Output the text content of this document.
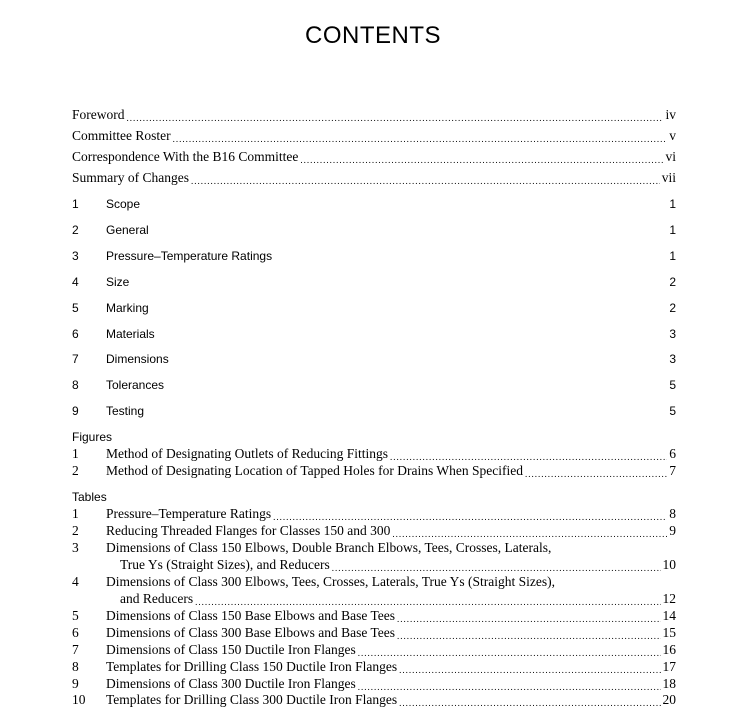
CONTENTS
Foreword .....	iv
Committee Roster .....	v
Correspondence With the B16 Committee .....	vi
Summary of Changes .....	vii
1	Scope .....	1
2	General .....	1
3	Pressure–Temperature Ratings .....	1
4	Size .....	2
5	Marking .....	2
6	Materials .....	3
7	Dimensions .....	3
8	Tolerances .....	5
9	Testing .....	5
Figures
1	Method of Designating Outlets of Reducing Fittings .....	6
2	Method of Designating Location of Tapped Holes for Drains When Specified .....	7
Tables
1	Pressure–Temperature Ratings .....	8
2	Reducing Threaded Flanges for Classes 150 and 300 .....	9
3	Dimensions of Class 150 Elbows, Double Branch Elbows, Tees, Crosses, Laterals,
True Ys (Straight Sizes), and Reducers .....	10
4	Dimensions of Class 300 Elbows, Tees, Crosses, Laterals, True Ys (Straight Sizes),
and Reducers .....	12
5	Dimensions of Class 150 Base Elbows and Base Tees .....	14
6	Dimensions of Class 300 Base Elbows and Base Tees .....	15
7	Dimensions of Class 150 Ductile Iron Flanges .....	16
8	Templates for Drilling Class 150 Ductile Iron Flanges .....	17
9	Dimensions of Class 300 Ductile Iron Flanges .....	18
10	Templates for Drilling Class 300 Ductile Iron Flanges .....	20
